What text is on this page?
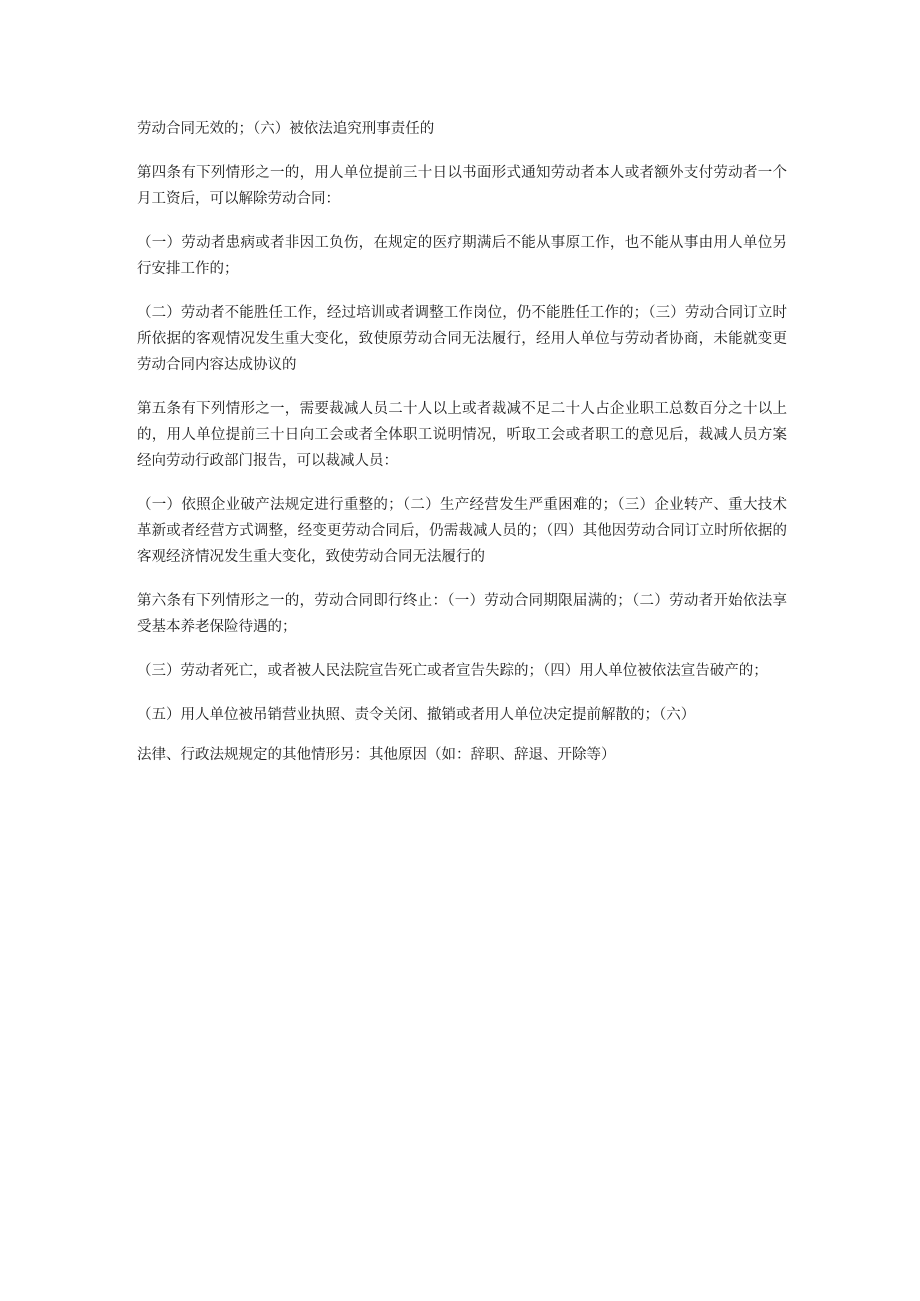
劳动合同无效的；（六）被依法追究刑事责任的

第四条有下列情形之一的，用人单位提前三十日以书面形式通知劳动者本人或者额外支付劳动者一个月工资后，可以解除劳动合同：

（一）劳动者患病或者非因工负伤，在规定的医疗期满后不能从事原工作，也不能从事由用人单位另行安排工作的；

（二）劳动者不能胜任工作，经过培训或者调整工作岗位，仍不能胜任工作的；（三）劳动合同订立时所依据的客观情况发生重大变化，致使原劳动合同无法履行，经用人单位与劳动者协商，未能就变更劳动合同内容达成协议的

第五条有下列情形之一，需要裁减人员二十人以上或者裁减不足二十人占企业职工总数百分之十以上的，用人单位提前三十日向工会或者全体职工说明情况，听取工会或者职工的意见后，裁减人员方案经向劳动行政部门报告，可以裁减人员：

（一）依照企业破产法规定进行重整的；（二）生产经营发生严重困难的；（三）企业转产、重大技术革新或者经营方式调整，经变更劳动合同后，仍需裁减人员的；（四）其他因劳动合同订立时所依据的客观经济情况发生重大变化，致使劳动合同无法履行的

第六条有下列情形之一的，劳动合同即行终止：（一）劳动合同期限届满的；（二）劳动者开始依法享受基本养老保险待遇的；

（三）劳动者死亡，或者被人民法院宣告死亡或者宣告失踪的；（四）用人单位被依法宣告破产的；

（五）用人单位被吊销营业执照、责令关闭、撤销或者用人单位决定提前解散的；（六）

法律、行政法规规定的其他情形另：其他原因（如：辞职、辞退、开除等）
